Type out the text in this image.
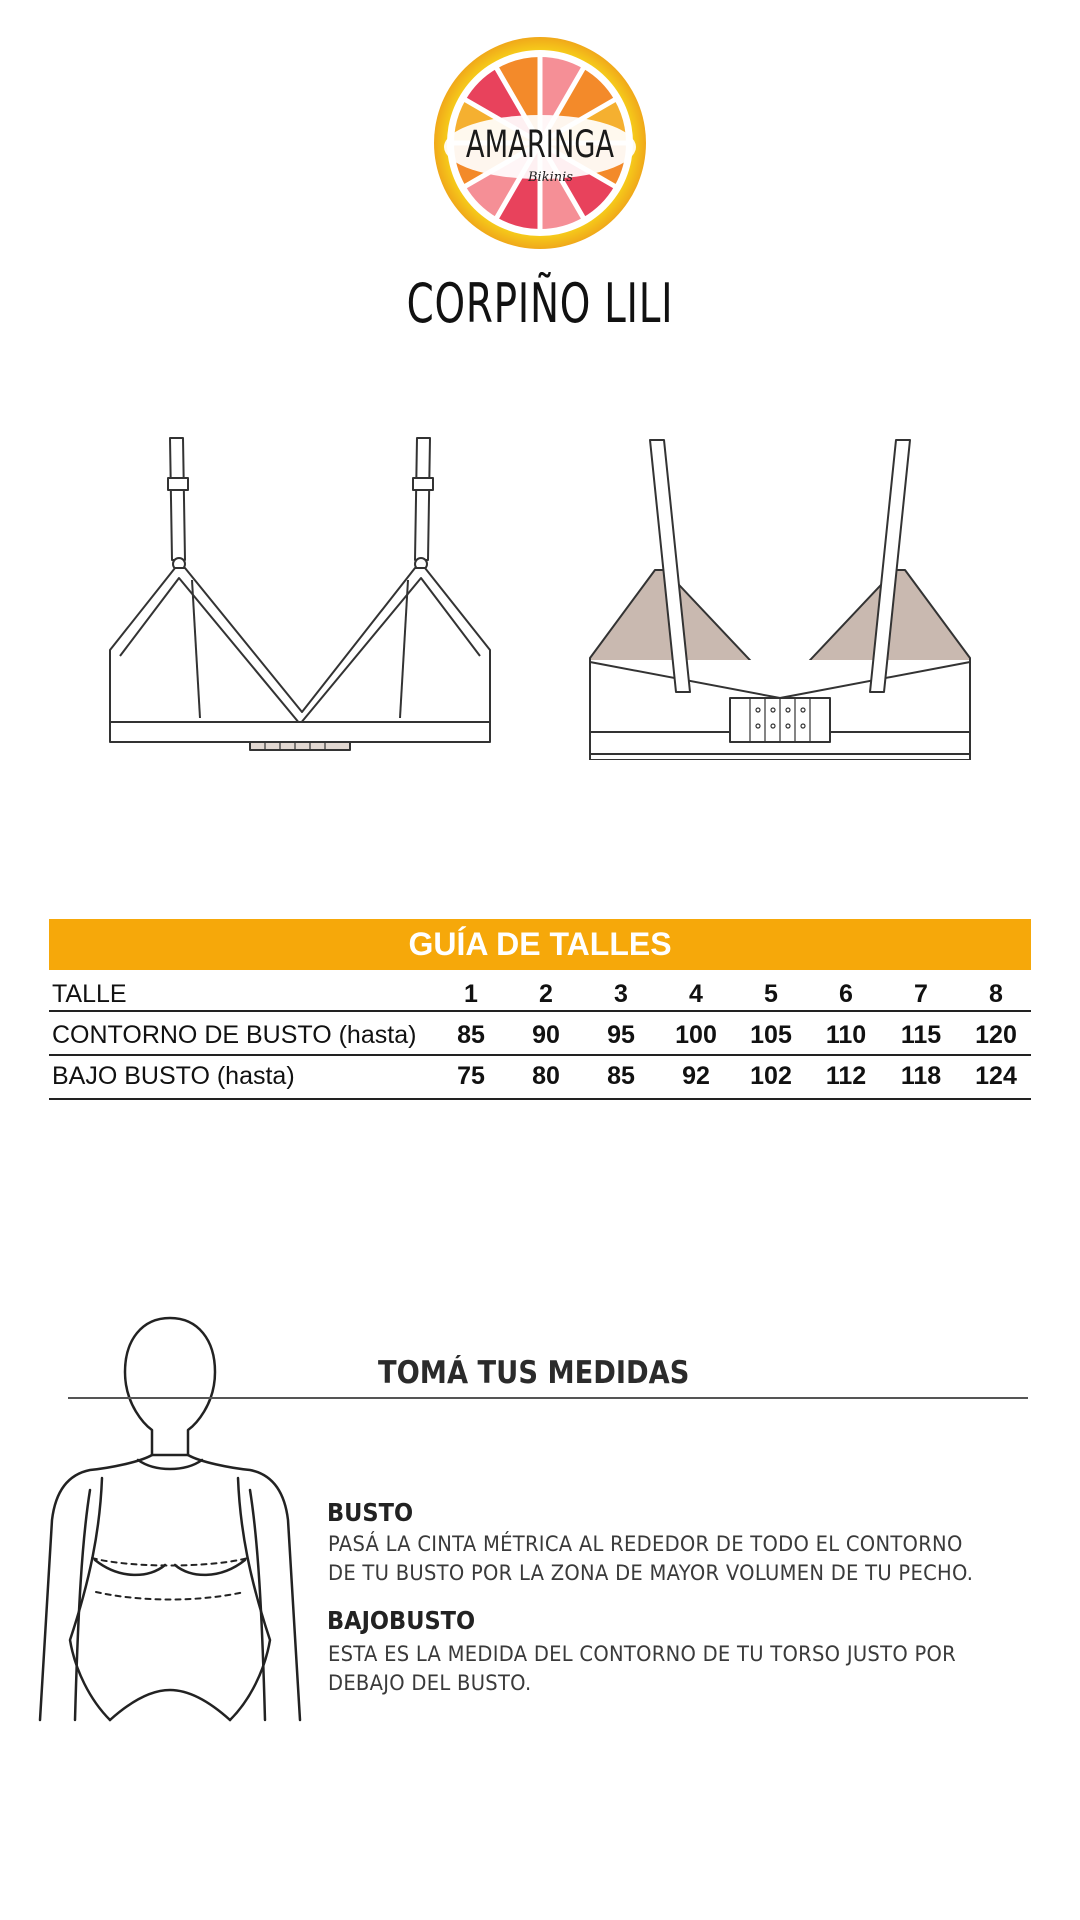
AMARINGA
Bikinis
CORPIÑO LILI
GUÍA DE TALLES
TALLE	1	2	3	4	5	6	7	8
CONTORNO DE BUSTO (hasta)	85	90	95	100	105	110	115	120
BAJO BUSTO (hasta)	75	80	85	92	102	112	118	124
TOMÁ TUS MEDIDAS
BUSTO
PASÁ LA CINTA MÉTRICA AL REDEDOR DE TODO EL CONTORNO
DE TU BUSTO POR LA ZONA DE MAYOR VOLUMEN DE TU PECHO.
BAJOBUSTO
ESTA ES LA MEDIDA DEL CONTORNO DE TU TORSO JUSTO POR
DEBAJO DEL BUSTO.
